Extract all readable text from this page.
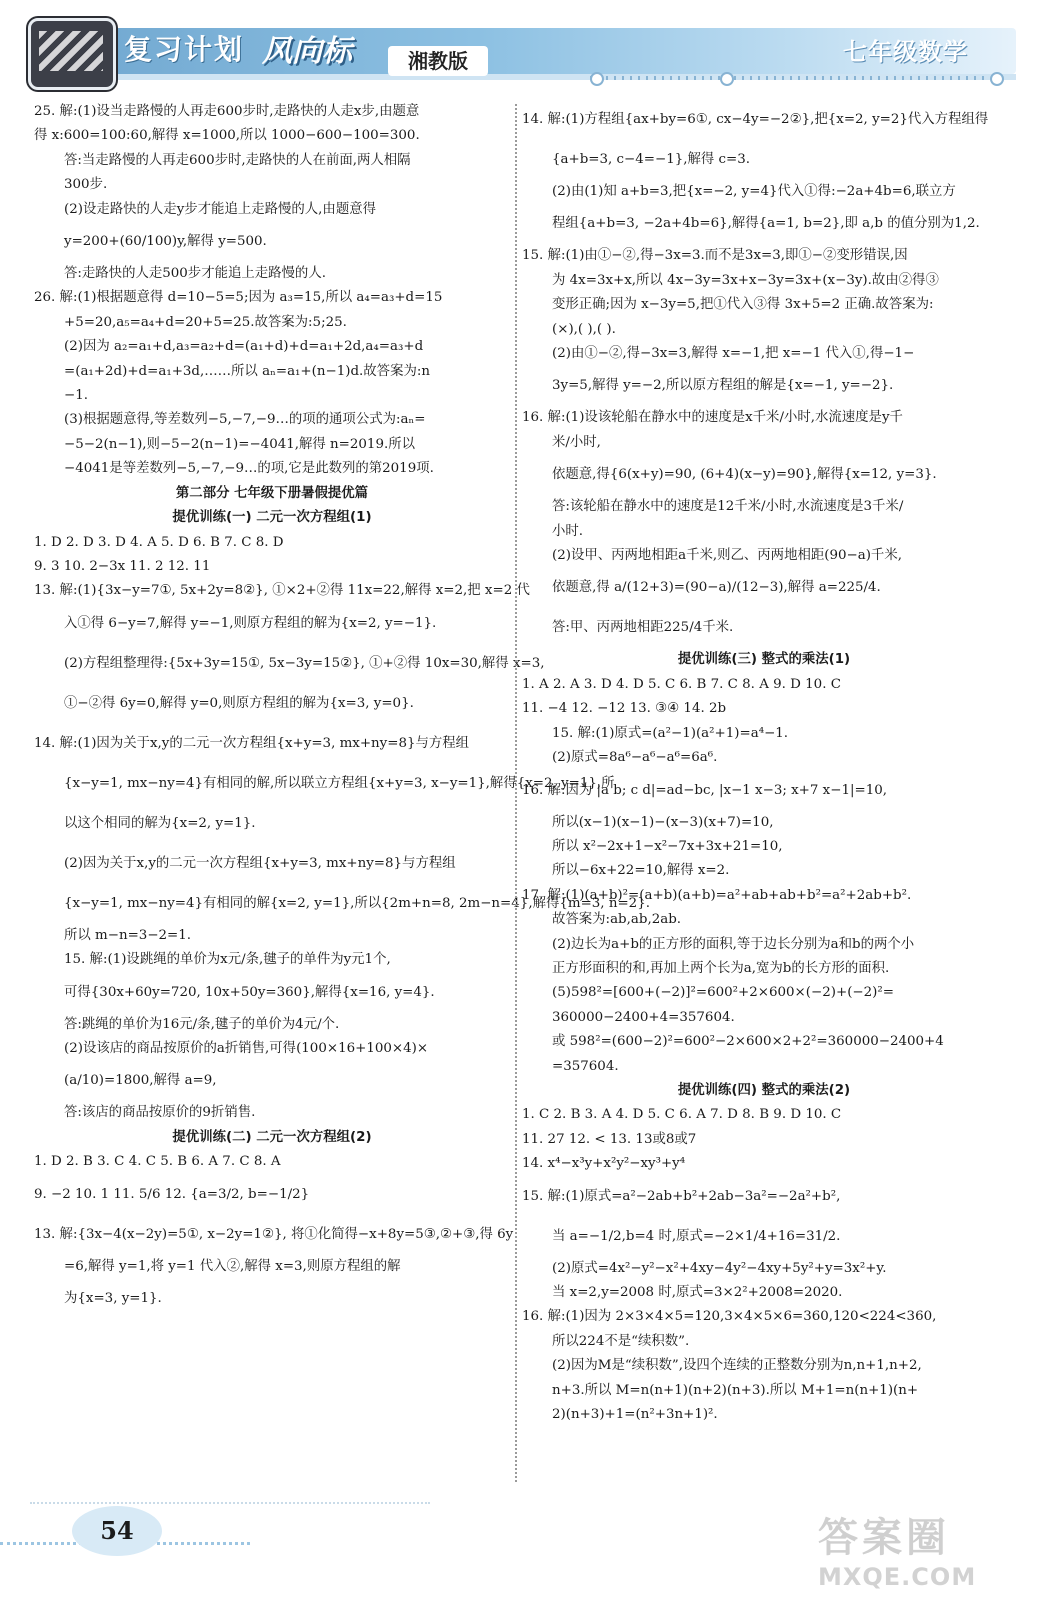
复习计划 风向标	湘教版	七年级数学
25. 解:(1)设当走路慢的人再走600步时,走路快的人走x步,由题意
得 x:600=100:60,解得 x=1000,所以 1000−600−100=300.
答:当走路慢的人再走600步时,走路快的人在前面,两人相隔
300步.
(2)设走路快的人走y步才能追上走路慢的人,由题意得
y=200+(60/100)y,解得 y=500.
答:走路快的人走500步才能追上走路慢的人.
26. 解:(1)根据题意得 d=10−5=5;因为 a₃=15,所以 a₄=a₃+d=15
+5=20,a₅=a₄+d=20+5=25.故答案为:5;25.
(2)因为 a₂=a₁+d,a₃=a₂+d=(a₁+d)+d=a₁+2d,a₄=a₃+d
=(a₁+2d)+d=a₁+3d,……所以 aₙ=a₁+(n−1)d.故答案为:n
−1.
(3)根据题意得,等差数列−5,−7,−9…的项的通项公式为:aₙ=
−5−2(n−1),则−5−2(n−1)=−4041,解得 n=2019.所以
−4041是等差数列−5,−7,−9…的项,它是此数列的第2019项.
第二部分 七年级下册暑假提优篇
提优训练(一) 二元一次方程组(1)
1. D 2. D 3. D 4. A 5. D 6. B 7. C 8. D
9. 3 10. 2−3x 11. 2 12. 11
13. 解:(1){3x−y=7①, 5x+2y=8②}, ①×2+②得 11x=22,解得 x=2,把 x=2 代
入①得 6−y=7,解得 y=−1,则原方程组的解为{x=2, y=−1}.
(2)方程组整理得:{5x+3y=15①, 5x−3y=15②}, ①+②得 10x=30,解得 x=3,
①−②得 6y=0,解得 y=0,则原方程组的解为{x=3, y=0}.
14. 解:(1)因为关于x,y的二元一次方程组{x+y=3, mx+ny=8}与方程组
{x−y=1, mx−ny=4}有相同的解,所以联立方程组{x+y=3, x−y=1},解得{x=2, y=1},所
以这个相同的解为{x=2, y=1}.
(2)因为关于x,y的二元一次方程组{x+y=3, mx+ny=8}与方程组
{x−y=1, mx−ny=4}有相同的解{x=2, y=1},所以{2m+n=8, 2m−n=4},解得{m=3, n=2}.
所以 m−n=3−2=1.
15. 解:(1)设跳绳的单价为x元/条,毽子的单件为y元1个,
可得{30x+60y=720, 10x+50y=360},解得{x=16, y=4}.
答:跳绳的单价为16元/条,毽子的单价为4元/个.
(2)设该店的商品按原价的a折销售,可得(100×16+100×4)×
(a/10)=1800,解得 a=9,
答:该店的商品按原价的9折销售.
提优训练(二) 二元一次方程组(2)
1. D 2. B 3. C 4. C 5. B 6. A 7. C 8. A
9. −2 10. 1 11. 5/6 12. {a=3/2, b=−1/2}
13. 解:{3x−4(x−2y)=5①, x−2y=1②}, 将①化简得−x+8y=5③,②+③,得 6y
=6,解得 y=1,将 y=1 代入②,解得 x=3,则原方程组的解
为{x=3, y=1}.
14. 解:(1)方程组{ax+by=6①, cx−4y=−2②},把{x=2, y=2}代入方程组得
{a+b=3, c−4=−1},解得 c=3.
(2)由(1)知 a+b=3,把{x=−2, y=4}代入①得:−2a+4b=6,联立方
程组{a+b=3, −2a+4b=6},解得{a=1, b=2},即 a,b 的值分别为1,2.
15. 解:(1)由①−②,得−3x=3.而不是3x=3,即①−②变形错误,因
为 4x=3x+x,所以 4x−3y=3x+x−3y=3x+(x−3y).故由②得③
变形正确;因为 x−3y=5,把①代入③得 3x+5=2 正确.故答案为:
(×),( ),( ).
(2)由①−②,得−3x=3,解得 x=−1,把 x=−1 代入①,得−1−
3y=5,解得 y=−2,所以原方程组的解是{x=−1, y=−2}.
16. 解:(1)设该轮船在静水中的速度是x千米/小时,水流速度是y千
米/小时,
依题意,得{6(x+y)=90, (6+4)(x−y)=90},解得{x=12, y=3}.
答:该轮船在静水中的速度是12千米/小时,水流速度是3千米/
小时.
(2)设甲、丙两地相距a千米,则乙、丙两地相距(90−a)千米,
依题意,得 a/(12+3)=(90−a)/(12−3),解得 a=225/4.
答:甲、丙两地相距225/4千米.
提优训练(三) 整式的乘法(1)
1. A 2. A 3. D 4. D 5. C 6. B 7. C 8. A 9. D 10. C
11. −4 12. −12 13. ③④ 14. 2b
15. 解:(1)原式=(a²−1)(a²+1)=a⁴−1.
(2)原式=8a⁶−a⁶−a⁶=6a⁶.
16. 解:因为 |a b; c d|=ad−bc, |x−1 x−3; x+7 x−1|=10,
所以(x−1)(x−1)−(x−3)(x+7)=10,
所以 x²−2x+1−x²−7x+3x+21=10,
所以−6x+22=10,解得 x=2.
17. 解:(1)(a+b)²=(a+b)(a+b)=a²+ab+ab+b²=a²+2ab+b².
故答案为:ab,ab,2ab.
(2)边长为a+b的正方形的面积,等于边长分别为a和b的两个小
正方形面积的和,再加上两个长为a,宽为b的长方形的面积.
(5)598²=[600+(−2)]²=600²+2×600×(−2)+(−2)²=
360000−2400+4=357604.
或 598²=(600−2)²=600²−2×600×2+2²=360000−2400+4
=357604.
提优训练(四) 整式的乘法(2)
1. C 2. B 3. A 4. D 5. C 6. A 7. D 8. B 9. D 10. C
11. 27 12. < 13. 13或8或7
14. x⁴−x³y+x²y²−xy³+y⁴
15. 解:(1)原式=a²−2ab+b²+2ab−3a²=−2a²+b²,
当 a=−1/2,b=4 时,原式=−2×1/4+16=31/2.
(2)原式=4x²−y²−x²+4xy−4y²−4xy+5y²+y=3x²+y.
当 x=2,y=2008 时,原式=3×2²+2008=2020.
16. 解:(1)因为 2×3×4×5=120,3×4×5×6=360,120<224<360,
所以224不是“续积数”.
(2)因为M是“续积数”,设四个连续的正整数分别为n,n+1,n+2,
n+3.所以 M=n(n+1)(n+2)(n+3).所以 M+1=n(n+1)(n+
2)(n+3)+1=(n²+3n+1)².
54	答案圈
MXQE.COM
